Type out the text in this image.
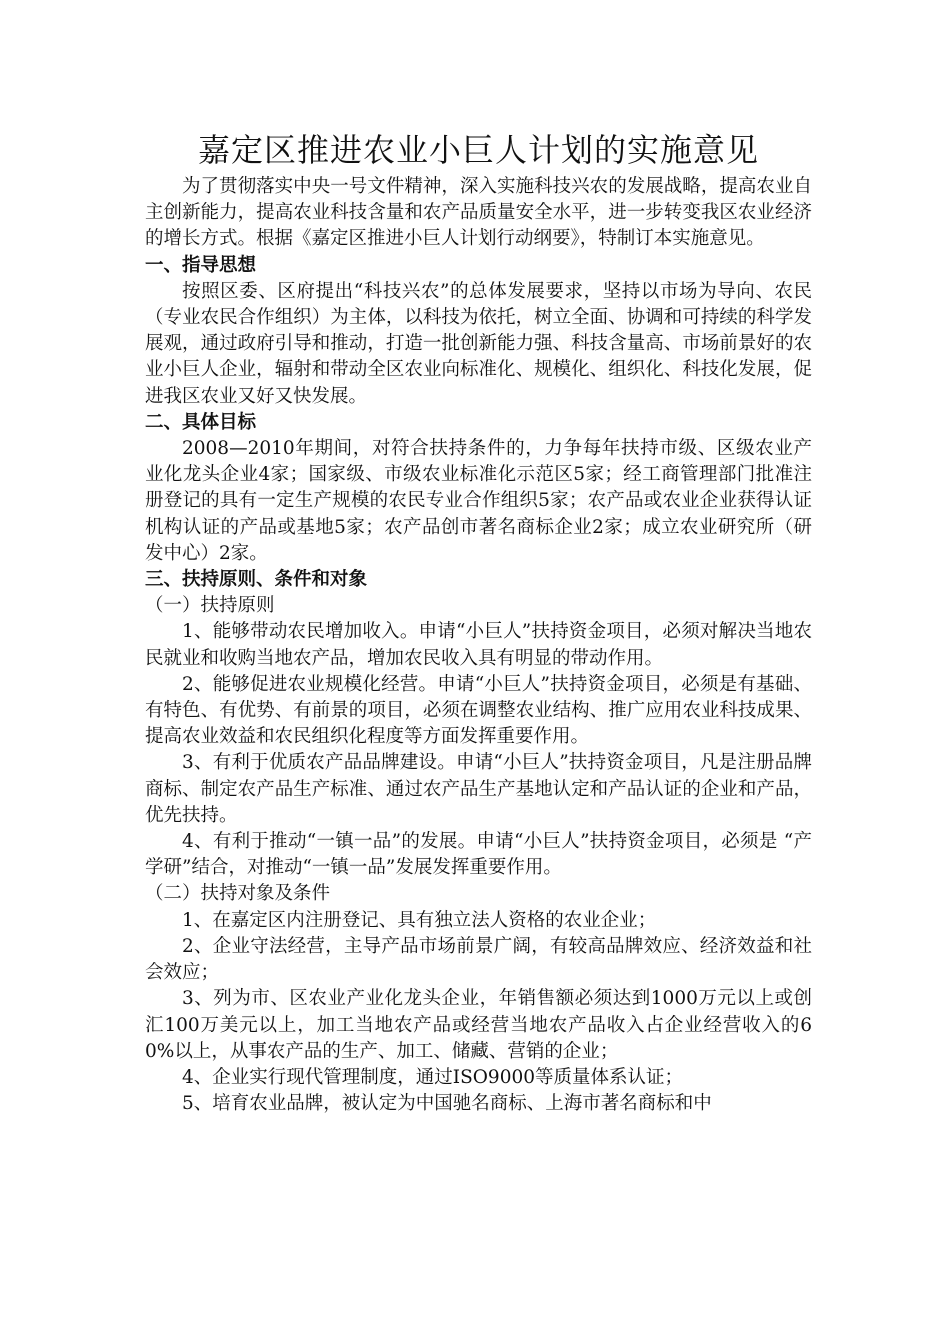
嘉定区推进农业小巨人计划的实施意见

为了贯彻落实中央一号文件精神，深入实施科技兴农的发展战略，提高农业自主创新能力，提高农业科技含量和农产品质量安全水平，进一步转变我区农业经济的增长方式。根据《嘉定区推进小巨人计划行动纲要》，特制订本实施意见。

一、指导思想

按照区委、区府提出“科技兴农”的总体发展要求，坚持以市场为导向、农民（专业农民合作组织）为主体，以科技为依托，树立全面、协调和可持续的科学发展观，通过政府引导和推动，打造一批创新能力强、科技含量高、市场前景好的农业小巨人企业，辐射和带动全区农业向标准化、规模化、组织化、科技化发展，促进我区农业又好又快发展。

二、具体目标

2008—2010年期间，对符合扶持条件的，力争每年扶持市级、区级农业产业化龙头企业4家；国家级、市级农业标准化示范区5家；经工商管理部门批准注册登记的具有一定生产规模的农民专业合作组织5家；农产品或农业企业获得认证机构认证的产品或基地5家；农产品创市著名商标企业2家；成立农业研究所（研发中心）2家。

三、扶持原则、条件和对象

（一）扶持原则

1、能够带动农民增加收入。申请“小巨人”扶持资金项目，必须对解决当地农民就业和收购当地农产品，增加农民收入具有明显的带动作用。

2、能够促进农业规模化经营。申请“小巨人”扶持资金项目，必须是有基础、有特色、有优势、有前景的项目，必须在调整农业结构、推广应用农业科技成果、提高农业效益和农民组织化程度等方面发挥重要作用。

3、有利于优质农产品品牌建设。申请“小巨人”扶持资金项目，凡是注册品牌商标、制定农产品生产标准、通过农产品生产基地认定和产品认证的企业和产品，优先扶持。

4、有利于推动“一镇一品”的发展。申请“小巨人”扶持资金项目，必须是 “产学研”结合，对推动“一镇一品”发展发挥重要作用。

（二）扶持对象及条件

1、在嘉定区内注册登记、具有独立法人资格的农业企业；

2、企业守法经营，主导产品市场前景广阔，有较高品牌效应、经济效益和社会效应；

3、列为市、区农业产业化龙头企业，年销售额必须达到1000万元以上或创汇100万美元以上，加工当地农产品或经营当地农产品收入占企业经营收入的60%以上，从事农产品的生产、加工、储藏、营销的企业；

4、企业实行现代管理制度，通过ISO9000等质量体系认证；

5、培育农业品牌，被认定为中国驰名商标、上海市著名商标和中
